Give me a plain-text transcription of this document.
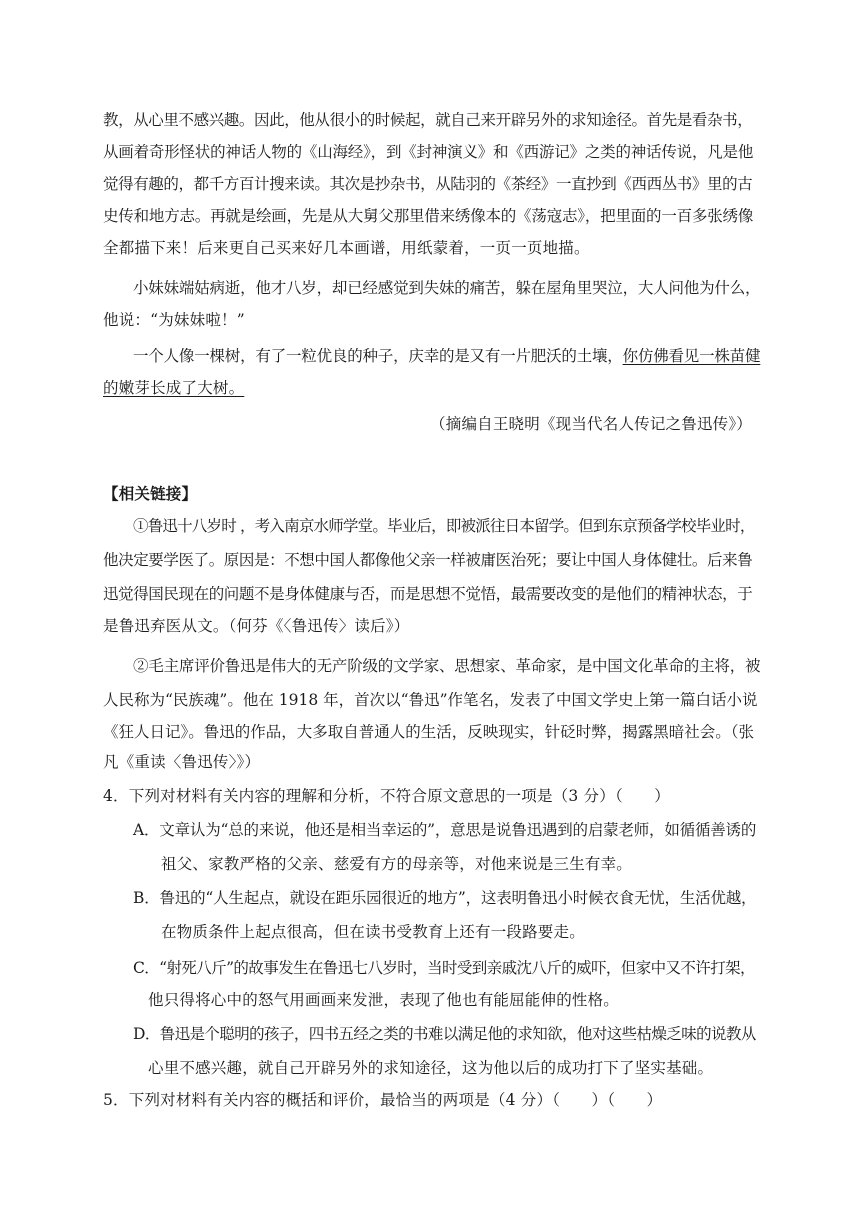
教，从心里不感兴趣。因此，他从很小的时候起，就自己来开辟另外的求知途径。首先是看杂书，
从画着奇形怪状的神话人物的《山海经》，到《封神演义》和《西游记》之类的神话传说，凡是他
觉得有趣的，都千方百计搜来读。其次是抄杂书，从陆羽的《茶经》一直抄到《西西丛书》里的古
史传和地方志。再就是绘画，先是从大舅父那里借来绣像本的《荡寇志》，把里面的一百多张绣像
全都描下来！后来更自己买来好几本画谱，用纸蒙着，一页一页地描。
小妹妹端姑病逝，他才八岁，却已经感觉到失妹的痛苦，躲在屋角里哭泣，大人问他为什么，
他说：“为妹妹啦！”
一个人像一棵树，有了一粒优良的种子，庆幸的是又有一片肥沃的土壤，你仿佛看见一株苗健
的嫩芽长成了大树。
（摘编自王晓明《现当代名人传记之鲁迅传》）
【相关链接】
①鲁迅十八岁时 ，考入南京水师学堂。毕业后，即被派往日本留学。但到东京预备学校毕业时，
他决定要学医了。原因是：不想中国人都像他父亲一样被庸医治死；要让中国人身体健壮。后来鲁
迅觉得国民现在的问题不是身体健康与否，而是思想不觉悟，最需要改变的是他们的精神状态，于
是鲁迅弃医从文。（何芬《〈鲁迅传〉读后》）
②毛主席评价鲁迅是伟大的无产阶级的文学家、思想家、革命家，是中国文化革命的主将，被
人民称为“民族魂”。他在 1918 年，首次以“鲁迅”作笔名，发表了中国文学史上第一篇白话小说
《狂人日记》。鲁迅的作品，大多取自普通人的生活，反映现实，针砭时弊，揭露黑暗社会。（张
凡《重读〈鲁迅传〉》）
4．下列对材料有关内容的理解和分析，不符合原文意思的一项是（3 分）（　　）
A．文章认为“总的来说，他还是相当幸运的”，意思是说鲁迅遇到的启蒙老师，如循循善诱的
祖父、家教严格的父亲、慈爱有方的母亲等，对他来说是三生有幸。
B．鲁迅的“人生起点，就设在距乐园很近的地方”，这表明鲁迅小时候衣食无忧，生活优越，
在物质条件上起点很高，但在读书受教育上还有一段路要走。
C．“射死八斤”的故事发生在鲁迅七八岁时，当时受到亲戚沈八斤的威吓，但家中又不许打架，
他只得将心中的怒气用画画来发泄，表现了他也有能屈能伸的性格。
D．鲁迅是个聪明的孩子，四书五经之类的书难以满足他的求知欲，他对这些枯燥乏味的说教从
心里不感兴趣，就自己开辟另外的求知途径，这为他以后的成功打下了坚实基础。
5．下列对材料有关内容的概括和评价，最恰当的两项是（4 分）（　　）（　　）
